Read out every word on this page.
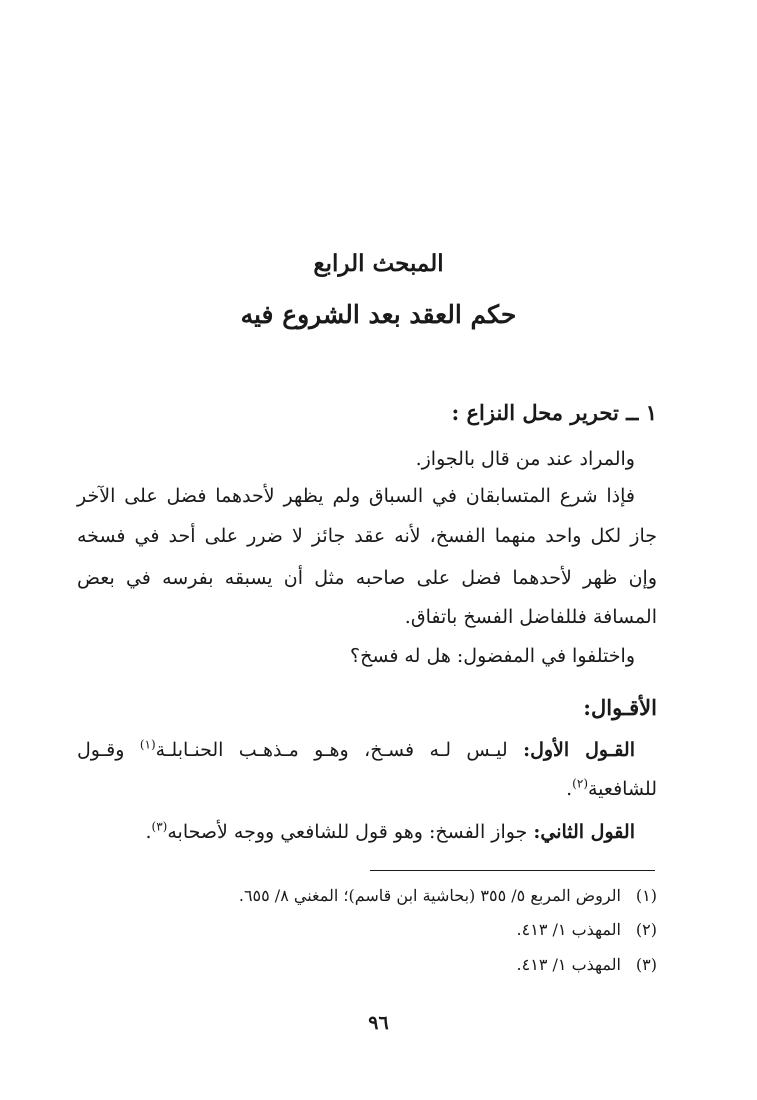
المبحث الرابع
حكم العقد بعد الشروع فيه

١ ــ تحرير محل النزاع :

والمراد عند من قال بالجواز.

فإذا شرع المتسابقان في السباق ولم يظهر لأحدهما فضل على الآخر

جاز لكل واحد منهما الفسخ، لأنه عقد جائز لا ضرر على أحد في فسخه

وإن ظهر لأحدهما فضل على صاحبه مثل أن يسبقه بفرسه في بعض

المسافة فللفاضل الفسخ باتفاق.

واختلفوا في المفضول: هل له فسخ؟

الأقـوال:

القـول الأول: ليـس لـه فسـخ، وهـو مـذهـب الحنـابلـة$^{(١)}$ وقـول

للشافعية$^{(٢)}$.

القول الثاني: جواز الفسخ: وهو قول للشافعي ووجه لأصحابه$^{(٣)}$.

(١)الروض المربع ٥/ ٣٥٥ (بحاشية ابن قاسم)؛ المغني ٨/ ٦٥٥.

(٢)المهذب ١/ ٤١٣.

(٣)المهذب ١/ ٤١٣.

٩٦
